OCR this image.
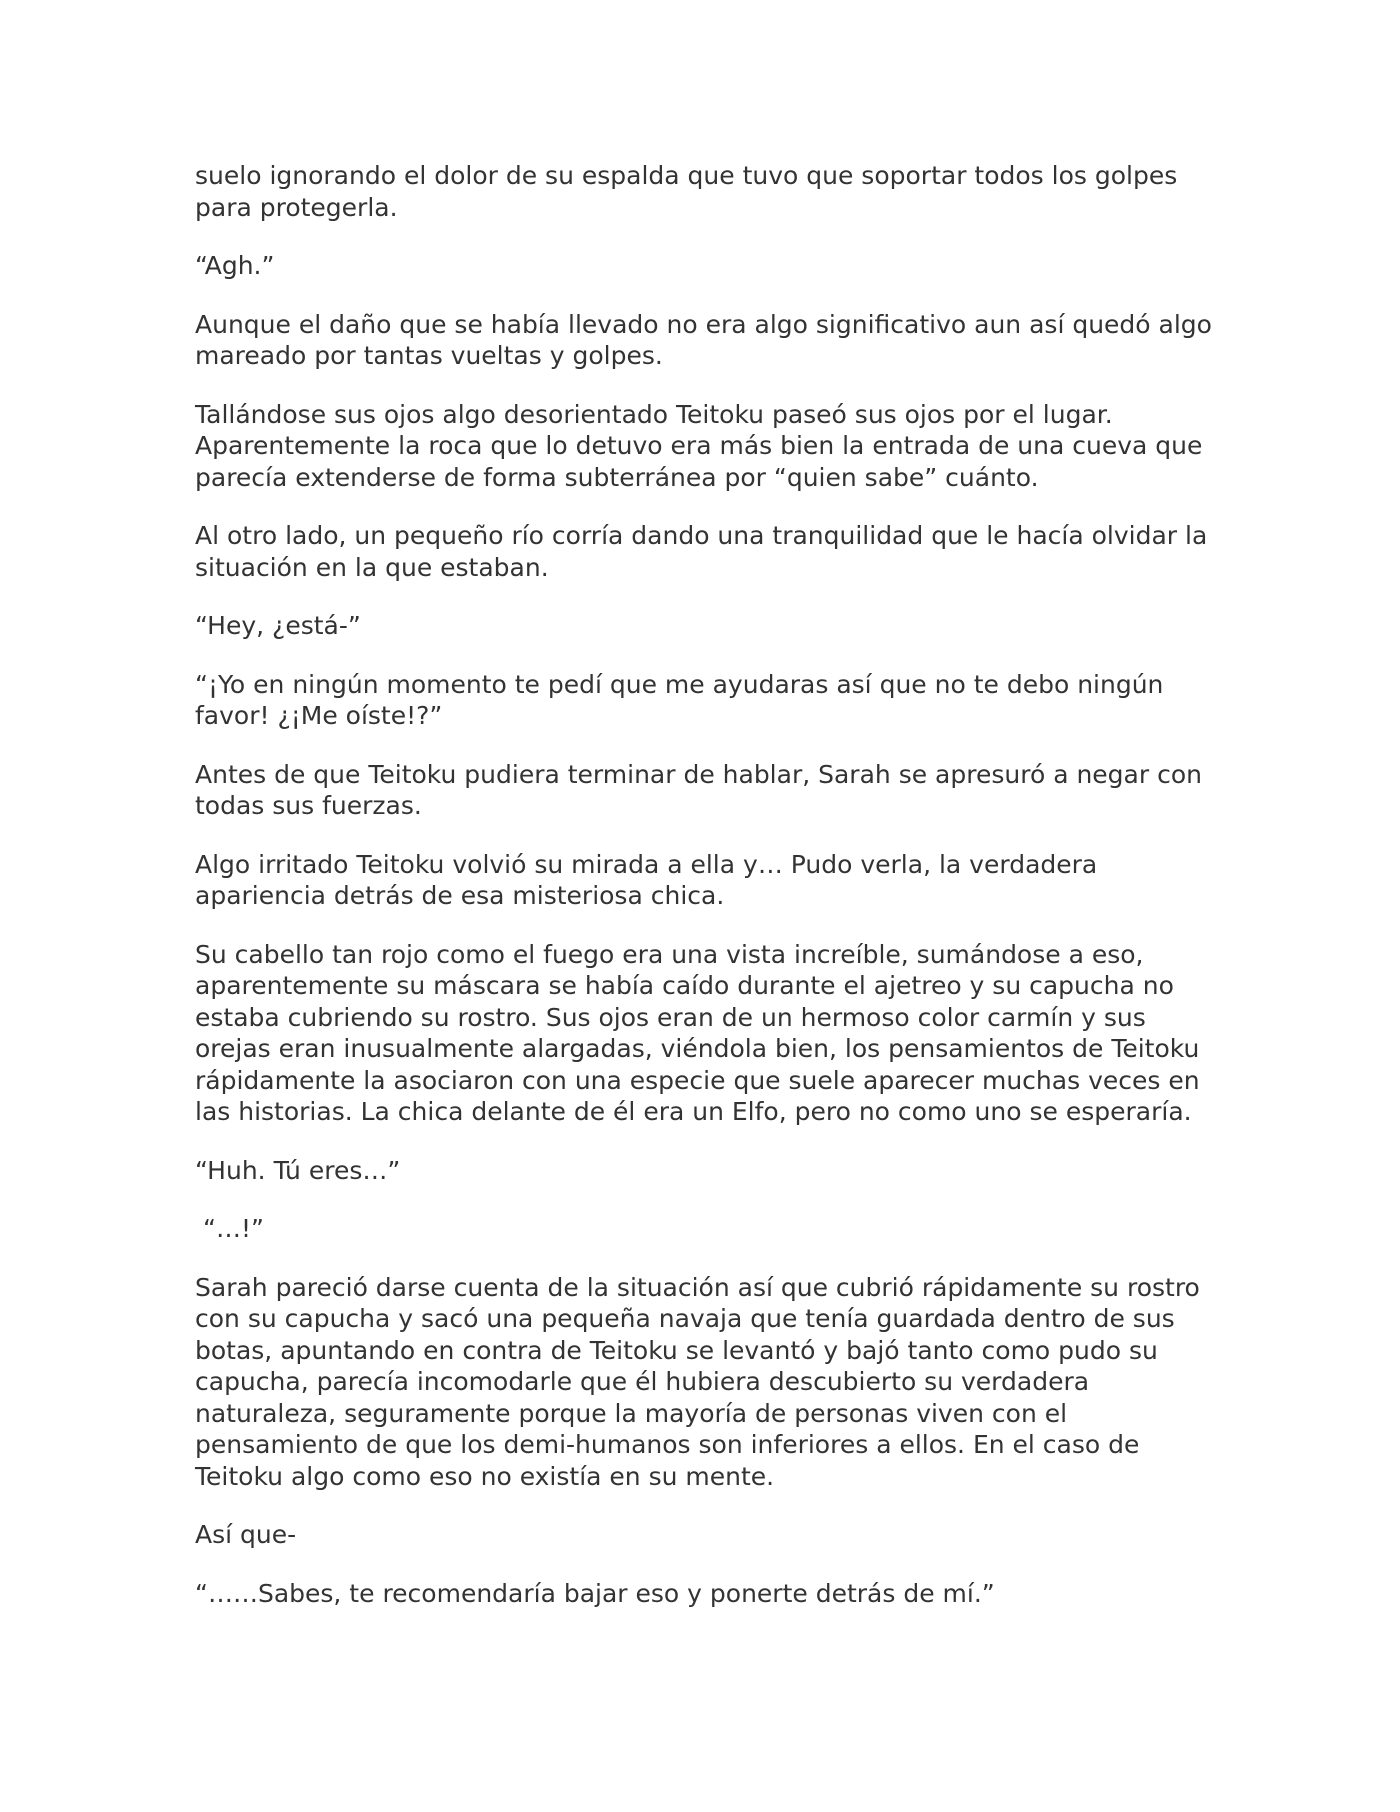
suelo ignorando el dolor de su espalda que tuvo que soportar todos los golpes para protegerla.

“Agh.”

Aunque el daño que se había llevado no era algo significativo aun así quedó algo mareado por tantas vueltas y golpes.

Tallándose sus ojos algo desorientado Teitoku paseó sus ojos por el lugar. Aparentemente la roca que lo detuvo era más bien la entrada de una cueva que parecía extenderse de forma subterránea por “quien sabe” cuánto.

Al otro lado, un pequeño río corría dando una tranquilidad que le hacía olvidar la situación en la que estaban.

“Hey, ¿está-”

“¡Yo en ningún momento te pedí que me ayudaras así que no te debo ningún favor! ¿¡Me oíste!?”

Antes de que Teitoku pudiera terminar de hablar, Sarah se apresuró a negar con todas sus fuerzas.

Algo irritado Teitoku volvió su mirada a ella y… Pudo verla, la verdadera apariencia detrás de esa misteriosa chica.

Su cabello tan rojo como el fuego era una vista increíble, sumándose a eso, aparentemente su máscara se había caído durante el ajetreo y su capucha no estaba cubriendo su rostro. Sus ojos eran de un hermoso color carmín y sus orejas eran inusualmente alargadas, viéndola bien, los pensamientos de Teitoku rápidamente la asociaron con una especie que suele aparecer muchas veces en las historias. La chica delante de él era un Elfo, pero no como uno se esperaría.

“Huh. Tú eres…”

“…!”

Sarah pareció darse cuenta de la situación así que cubrió rápidamente su rostro con su capucha y sacó una pequeña navaja que tenía guardada dentro de sus botas, apuntando en contra de Teitoku se levantó y bajó tanto como pudo su capucha, parecía incomodarle que él hubiera descubierto su verdadera naturaleza, seguramente porque la mayoría de personas viven con el pensamiento de que los demi-humanos son inferiores a ellos. En el caso de Teitoku algo como eso no existía en su mente.

Así que-

“……Sabes, te recomendaría bajar eso y ponerte detrás de mí.”
